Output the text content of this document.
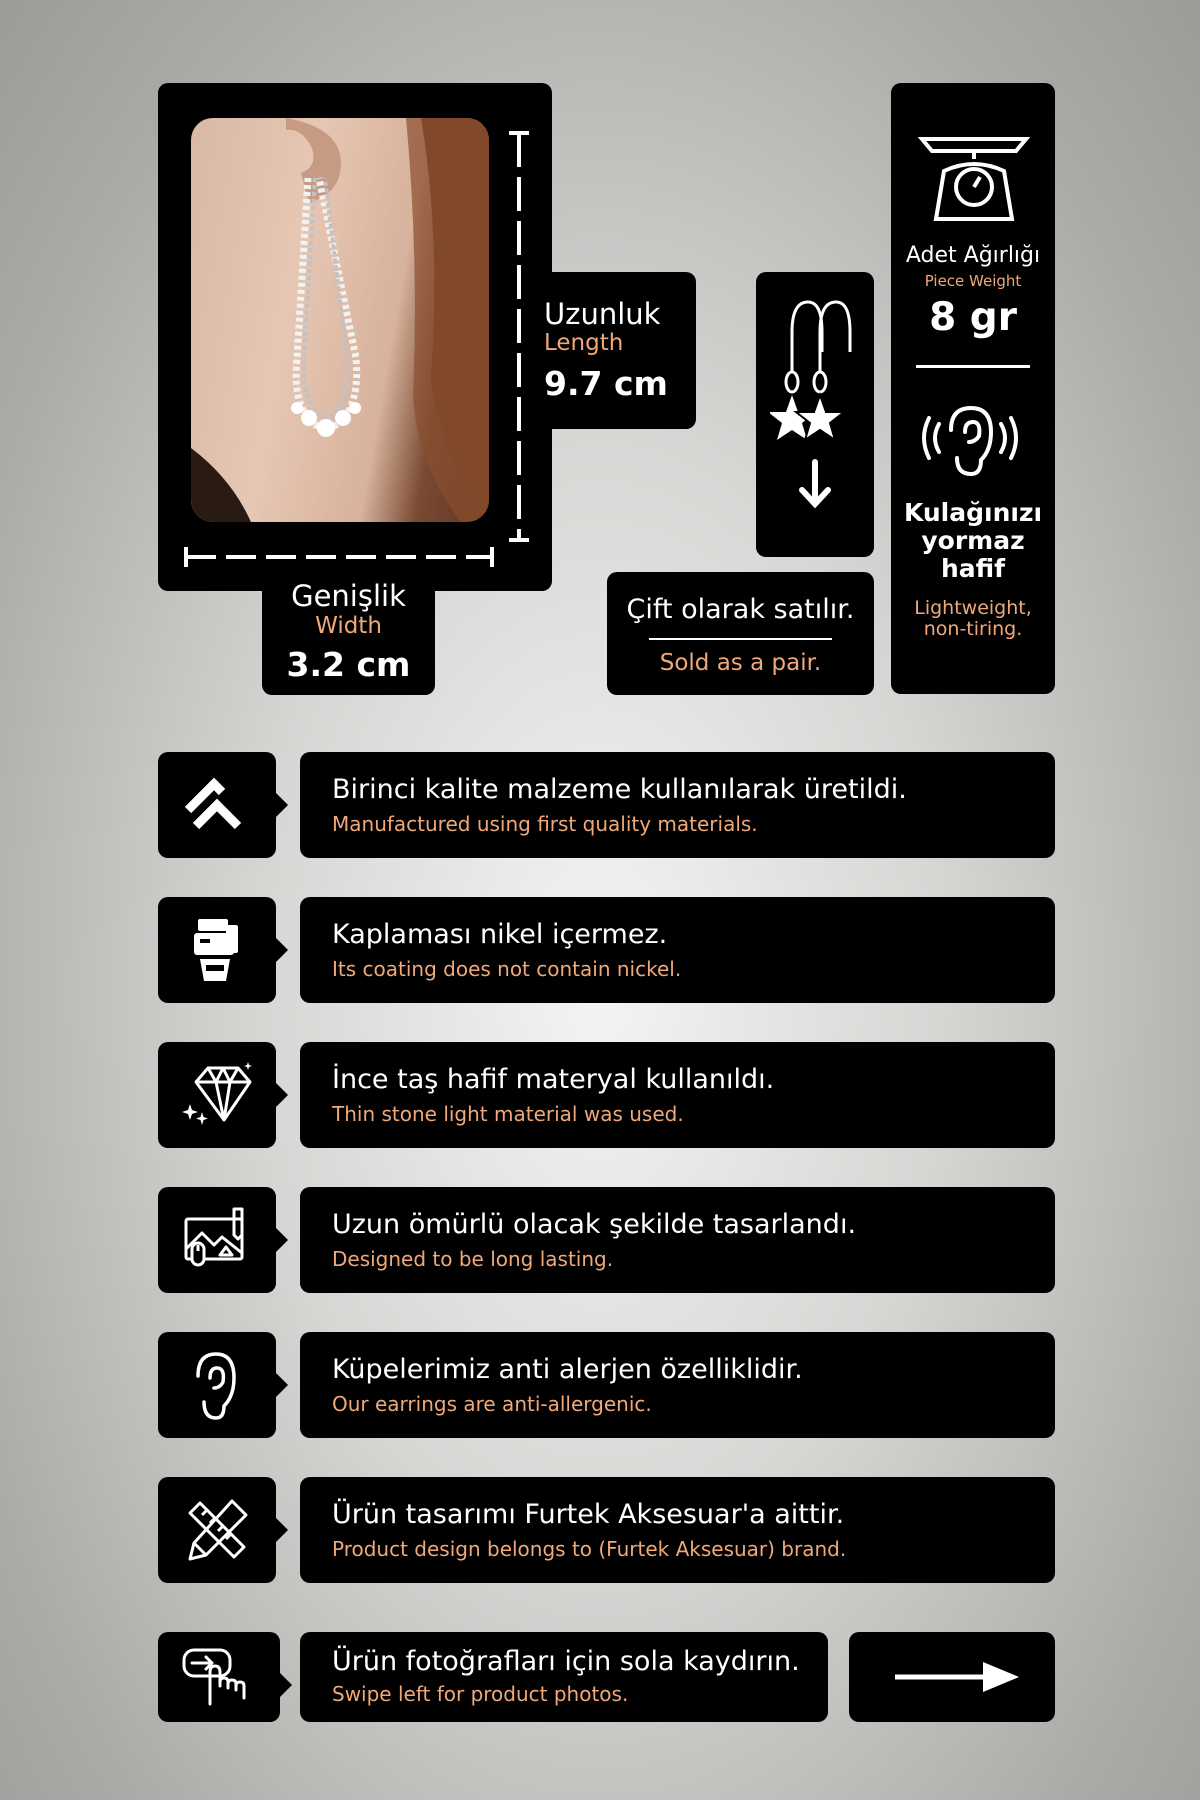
Uzunluk
Length
9.7 cm
Genişlik
Width
3.2 cm
Çift olarak satılır.
Sold as a pair.
Adet Ağırlığı
Piece Weight
8 gr
Kulağınızı
yormaz
hafif
Lightweight,
non-tiring.
Birinci kalite malzeme kullanılarak üretildi.
Manufactured using first quality materials.
Kaplaması nikel içermez.
Its coating does not contain nickel.
İnce taş hafif materyal kullanıldı.
Thin stone light material was used.
Uzun ömürlü olacak şekilde tasarlandı.
Designed to be long lasting.
Küpelerimiz anti alerjen özelliklidir.
Our earrings are anti-allergenic.
Ürün tasarımı Furtek Aksesuar'a aittir.
Product design belongs to (Furtek Aksesuar) brand.
Ürün fotoğrafları için sola kaydırın.
Swipe left for product photos.
